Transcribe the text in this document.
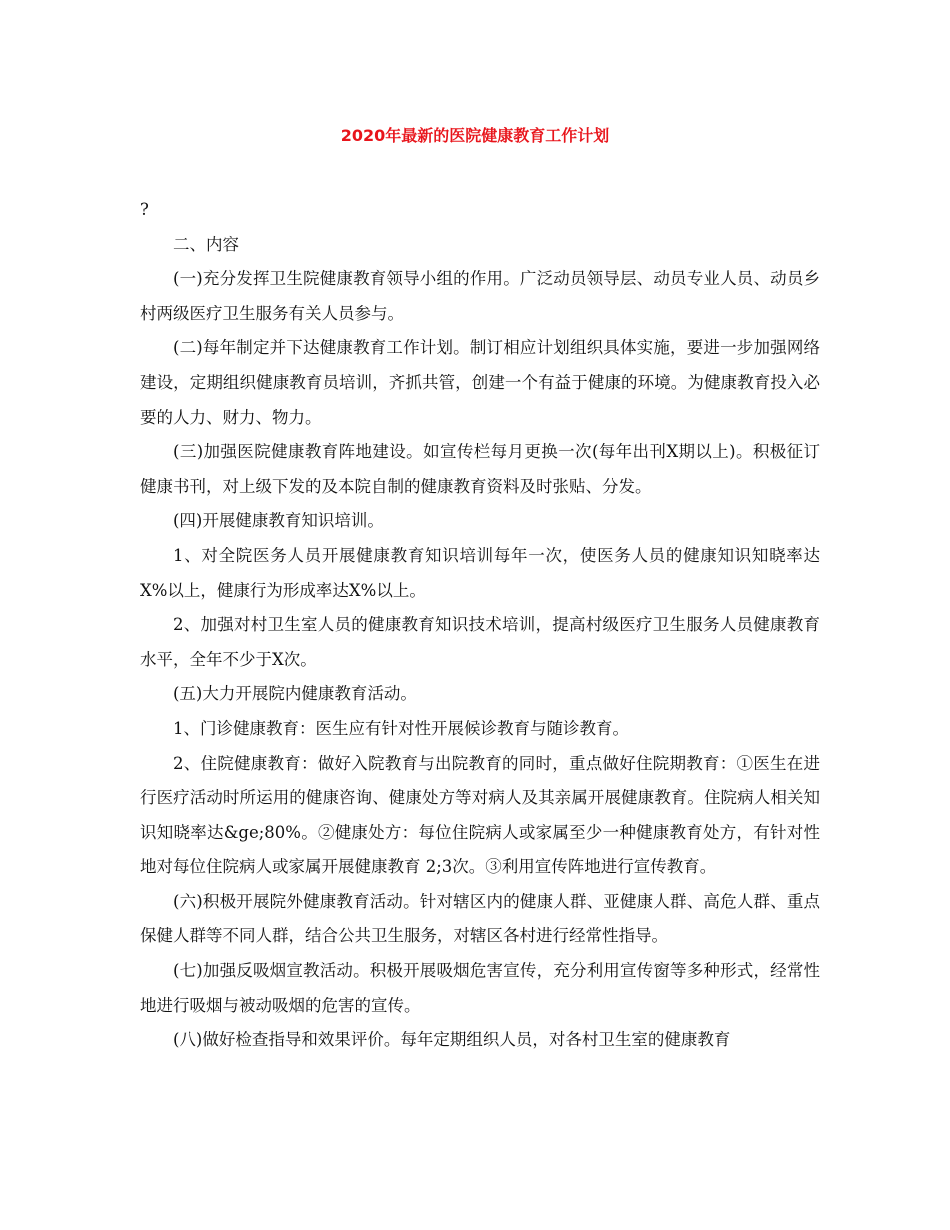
2020年最新的医院健康教育工作计划

?

二、内容

(一)充分发挥卫生院健康教育领导小组的作用。广泛动员领导层、动员专业人员、动员乡村两级医疗卫生服务有关人员参与。

(二)每年制定并下达健康教育工作计划。制订相应计划组织具体实施，要进一步加强网络建设，定期组织健康教育员培训，齐抓共管，创建一个有益于健康的环境。为健康教育投入必要的人力、财力、物力。

(三)加强医院健康教育阵地建设。如宣传栏每月更换一次(每年出刊X期以上)。积极征订健康书刊，对上级下发的及本院自制的健康教育资料及时张贴、分发。

(四)开展健康教育知识培训。

1、对全院医务人员开展健康教育知识培训每年一次，使医务人员的健康知识知晓率达X%以上，健康行为形成率达X%以上。

2、加强对村卫生室人员的健康教育知识技术培训，提高村级医疗卫生服务人员健康教育水平，全年不少于X次。

(五)大力开展院内健康教育活动。

1、门诊健康教育：医生应有针对性开展候诊教育与随诊教育。

2、住院健康教育：做好入院教育与出院教育的同时，重点做好住院期教育：①医生在进行医疗活动时所运用的健康咨询、健康处方等对病人及其亲属开展健康教育。住院病人相关知识知晓率达&ge;80%。②健康处方：每位住院病人或家属至少一种健康教育处方，有针对性地对每位住院病人或家属开展健康教育 2;3次。③利用宣传阵地进行宣传教育。

(六)积极开展院外健康教育活动。针对辖区内的健康人群、亚健康人群、高危人群、重点保健人群等不同人群，结合公共卫生服务，对辖区各村进行经常性指导。

(七)加强反吸烟宣教活动。积极开展吸烟危害宣传，充分利用宣传窗等多种形式，经常性地进行吸烟与被动吸烟的危害的宣传。

(八)做好检查指导和效果评价。每年定期组织人员，对各村卫生室的健康教育
